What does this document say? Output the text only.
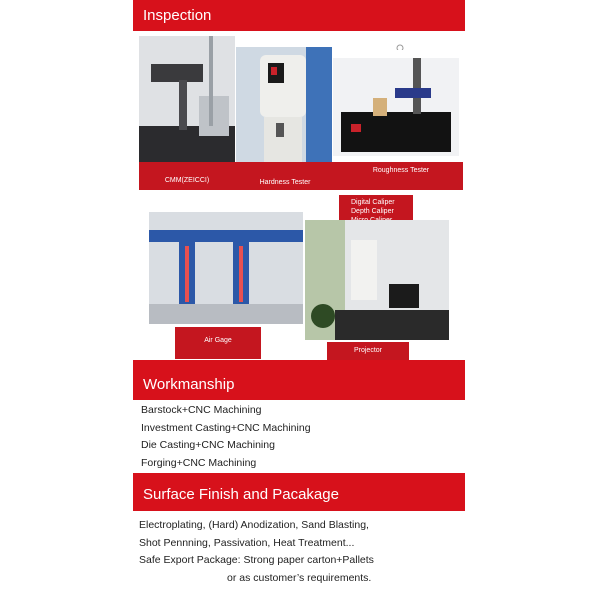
Inspection
CMM(ZEICCI)	Hardness Tester
Roughness Tester
Digital Caliper
Depth Caliper
Air Gage
Projector
Workmanship
Barstock+CNC Machining
Investment Casting+CNC Machining
Die Casting+CNC Machining
Forging+CNC Machining
Surface Finish and Pacakage
Electroplating, (Hard) Anodization, Sand Blasting,
Shot Pennning, Passivation, Heat Treatment...
Safe Export Package: Strong paper carton+Pallets
or as customer’s requirements.
